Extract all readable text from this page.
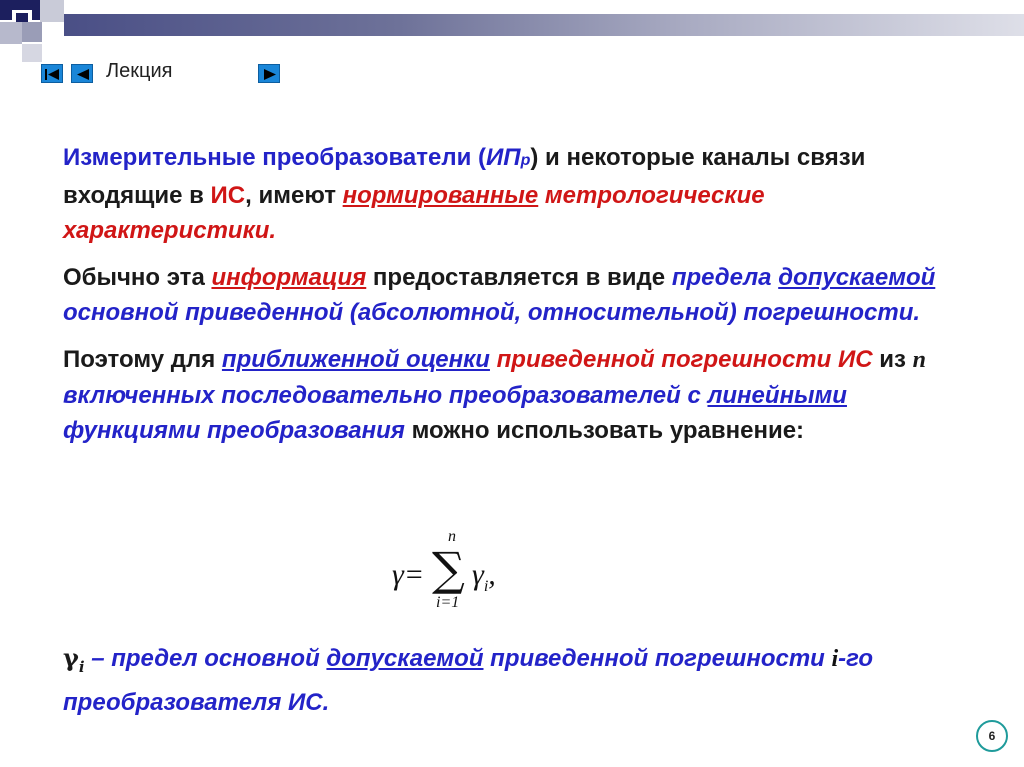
Лекция

Измерительные преобразователи (ИПр) и некоторые каналы связи входящие в ИС, имеют нормированные метрологические характеристики.

Обычно эта информация предоставляется в виде предела допускаемой основной приведенной (абсолютной, относительной) погрешности.

Поэтому для приближенной оценки приведенной погрешности ИС из n включенных последовательно преобразователей с линейными функциями преобразования можно использовать уравнение:

γ= ∑
n
i=1
$\gamma_i$,
$\gamma_i$ – предел основной допускаемой приведенной погрешности i-го преобразователя ИС.
6
